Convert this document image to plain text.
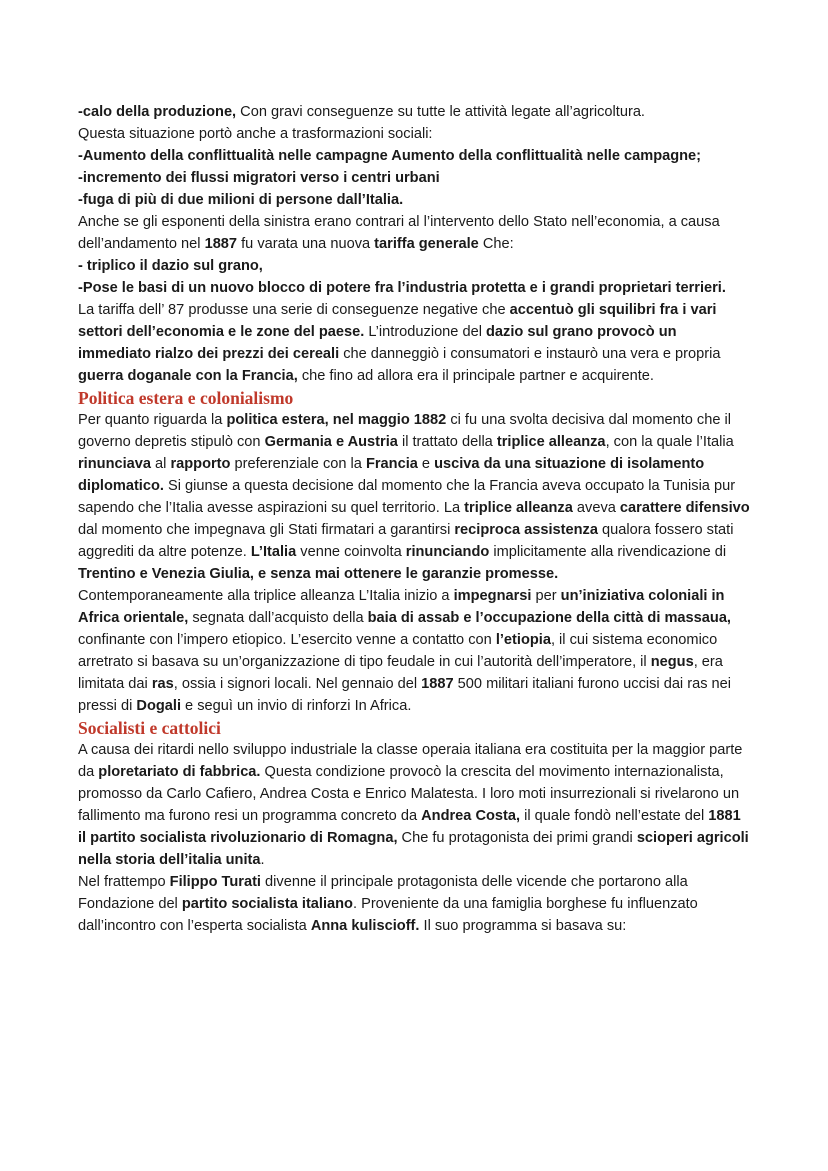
-calo della produzione, Con gravi conseguenze su tutte le attività legate all’agricoltura.

Questa situazione portò anche a trasformazioni sociali:

-Aumento della conflittualità nelle campagne Aumento della conflittualità nelle campagne;

-incremento dei flussi migratori verso i centri urbani

-fuga di più di due milioni di persone dall’Italia.

Anche se gli esponenti della sinistra erano contrari al l’intervento dello Stato nell’economia, a causa dell’andamento nel 1887 fu varata una nuova tariffa generale Che:

- triplico il dazio sul grano,

-Pose le basi di un nuovo blocco di potere fra l’industria protetta e i grandi proprietari terrieri.

La tariffa dell’ 87 produsse una serie di conseguenze negative che accentuò gli squilibri fra i vari settori dell’economia e le zone del paese. L’introduzione del dazio sul grano provocò un immediato rialzo dei prezzi dei cereali che danneggiò i consumatori e instaurò una vera e propria guerra doganale con la Francia, che fino ad allora era il principale partner e acquirente.

Politica estera e colonialismo

Per quanto riguarda la politica estera, nel maggio 1882 ci fu una svolta decisiva dal momento che il governo depretis stipulò con Germania e Austria il trattato della triplice alleanza, con la quale l’Italia rinunciava al rapporto preferenziale con la Francia e usciva da una situazione di isolamento diplomatico. Si giunse a questa decisione dal momento che la Francia aveva occupato la Tunisia pur sapendo che l’Italia avesse aspirazioni su quel territorio. La triplice alleanza aveva carattere difensivo dal momento che impegnava gli Stati firmatari a garantirsi reciproca assistenza qualora fossero stati aggrediti da altre potenze. L’Italia venne coinvolta rinunciando implicitamente alla rivendicazione di Trentino e Venezia Giulia, e senza mai ottenere le garanzie promesse.

Contemporaneamente alla triplice alleanza L’Italia inizio a impegnarsi per un’iniziativa coloniali in Africa orientale, segnata dall’acquisto della baia di assab e l’occupazione della città di massaua, confinante con l’impero etiopico. L’esercito venne a contatto con l’etiopia, il cui sistema economico arretrato si basava su un’organizzazione di tipo feudale in cui l’autorità dell’imperatore, il negus, era limitata dai ras, ossia i signori locali. Nel gennaio del 1887 500 militari italiani furono uccisi dai ras nei pressi di Dogali e seguì un invio di rinforzi In Africa.

Socialisti e cattolici

A causa dei ritardi nello sviluppo industriale la classe operaia italiana era costituita per la maggior parte da ploretariato di fabbrica. Questa condizione provocò la crescita del movimento internazionalista, promosso da Carlo Cafiero, Andrea Costa e Enrico Malatesta. I loro moti insurrezionali si rivelarono un fallimento ma furono resi un programma concreto da Andrea Costa, il quale fondò nell’estate del 1881 il partito socialista rivoluzionario di Romagna, Che fu protagonista dei primi grandi scioperi agricoli nella storia dell’italia unita.

Nel frattempo Filippo Turati divenne il principale protagonista delle vicende che portarono alla Fondazione del partito socialista italiano. Proveniente da una famiglia borghese fu influenzato dall’incontro con l’esperta socialista Anna kuliscioff. Il suo programma si basava su:
